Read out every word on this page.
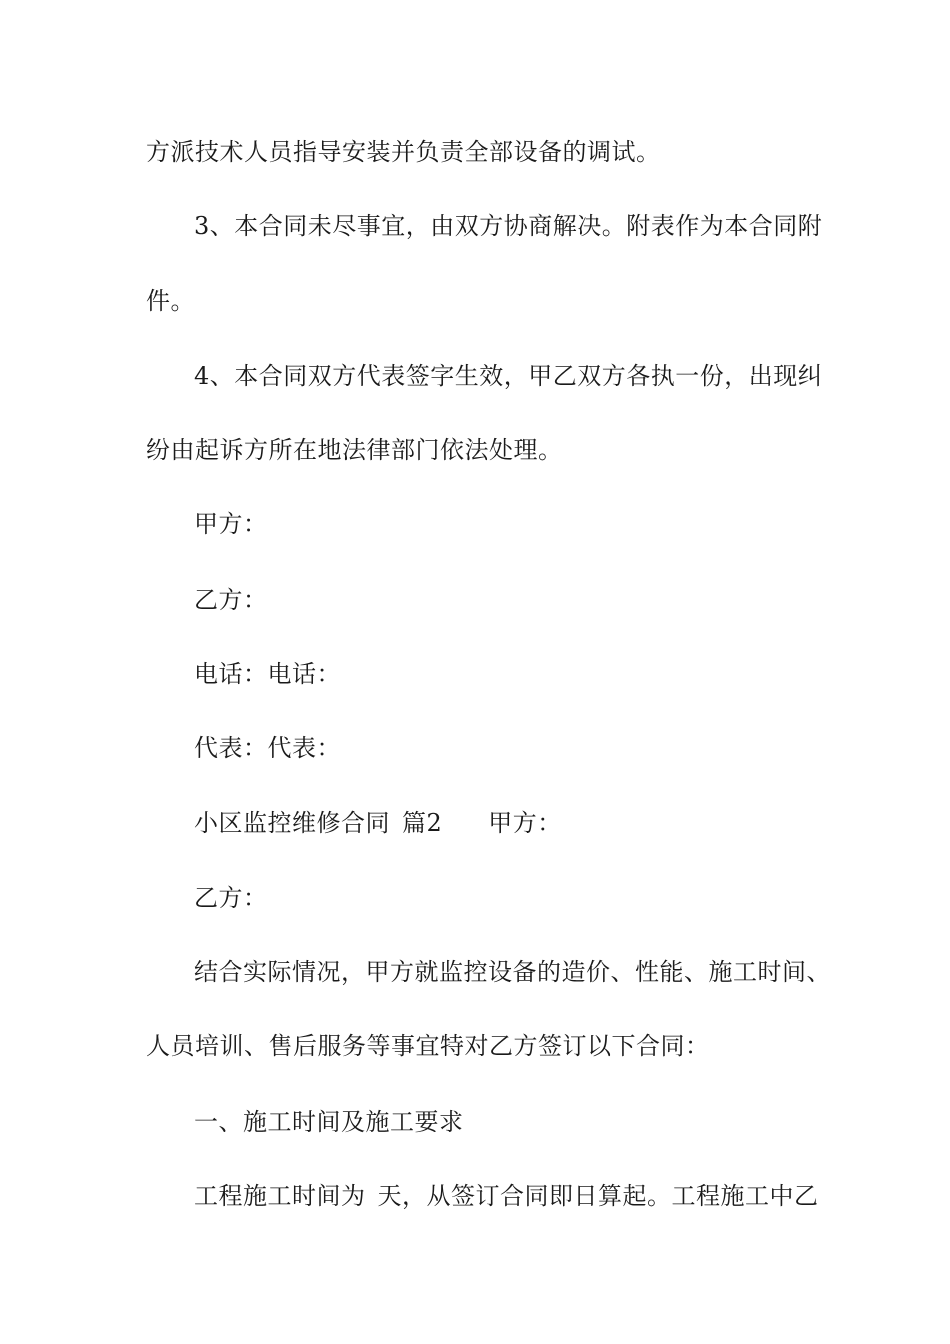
方派技术人员指导安装并负责全部设备的调试。
3、本合同未尽事宜，由双方协商解决。附表作为本合同附
件。
4、本合同双方代表签字生效，甲乙双方各执一份，出现纠
纷由起诉方所在地法律部门依法处理。
甲方：
乙方：
电话：电话：
代表：代表：
小区监控维修合同 篇2 甲方：
乙方：
结合实际情况，甲方就监控设备的造价、性能、施工时间、
人员培训、售后服务等事宜特对乙方签订以下合同：
一、施工时间及施工要求
工程施工时间为 天，从签订合同即日算起。工程施工中乙
